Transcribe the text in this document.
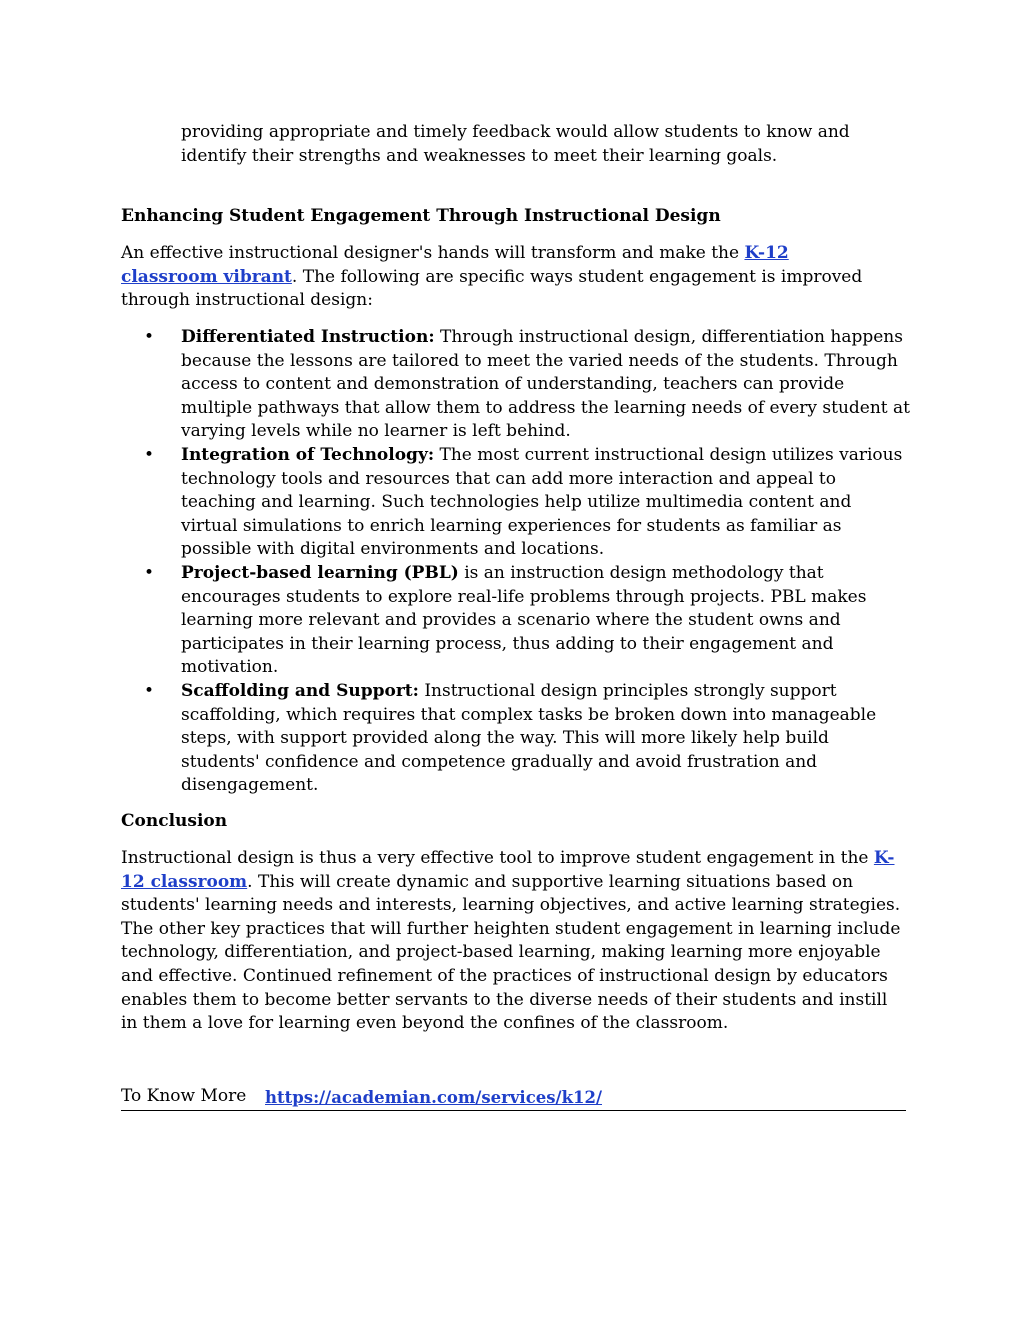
providing appropriate and timely feedback would allow students to know and identify their strengths and weaknesses to meet their learning goals.

Enhancing Student Engagement Through Instructional Design

An effective instructional designer's hands will transform and make the K-12 classroom vibrant. The following are specific ways student engagement is improved through instructional design:

• Differentiated Instruction: Through instructional design, differentiation happens because the lessons are tailored to meet the varied needs of the students. Through access to content and demonstration of understanding, teachers can provide multiple pathways that allow them to address the learning needs of every student at varying levels while no learner is left behind.
• Integration of Technology: The most current instructional design utilizes various technology tools and resources that can add more interaction and appeal to teaching and learning. Such technologies help utilize multimedia content and virtual simulations to enrich learning experiences for students as familiar as possible with digital environments and locations.
• Project-based learning (PBL) is an instruction design methodology that encourages students to explore real-life problems through projects. PBL makes learning more relevant and provides a scenario where the student owns and participates in their learning process, thus adding to their engagement and motivation.
• Scaffolding and Support: Instructional design principles strongly support scaffolding, which requires that complex tasks be broken down into manageable steps, with support provided along the way. This will more likely help build students' confidence and competence gradually and avoid frustration and disengagement.
Conclusion

Instructional design is thus a very effective tool to improve student engagement in the K-12 classroom. This will create dynamic and supportive learning situations based on students' learning needs and interests, learning objectives, and active learning strategies. The other key practices that will further heighten student engagement in learning include technology, differentiation, and project-based learning, making learning more enjoyable and effective. Continued refinement of the practices of instructional design by educators enables them to become better servants to the diverse needs of their students and instill in them a love for learning even beyond the confines of the classroom.

To Know More https://academian.com/services/k12/
